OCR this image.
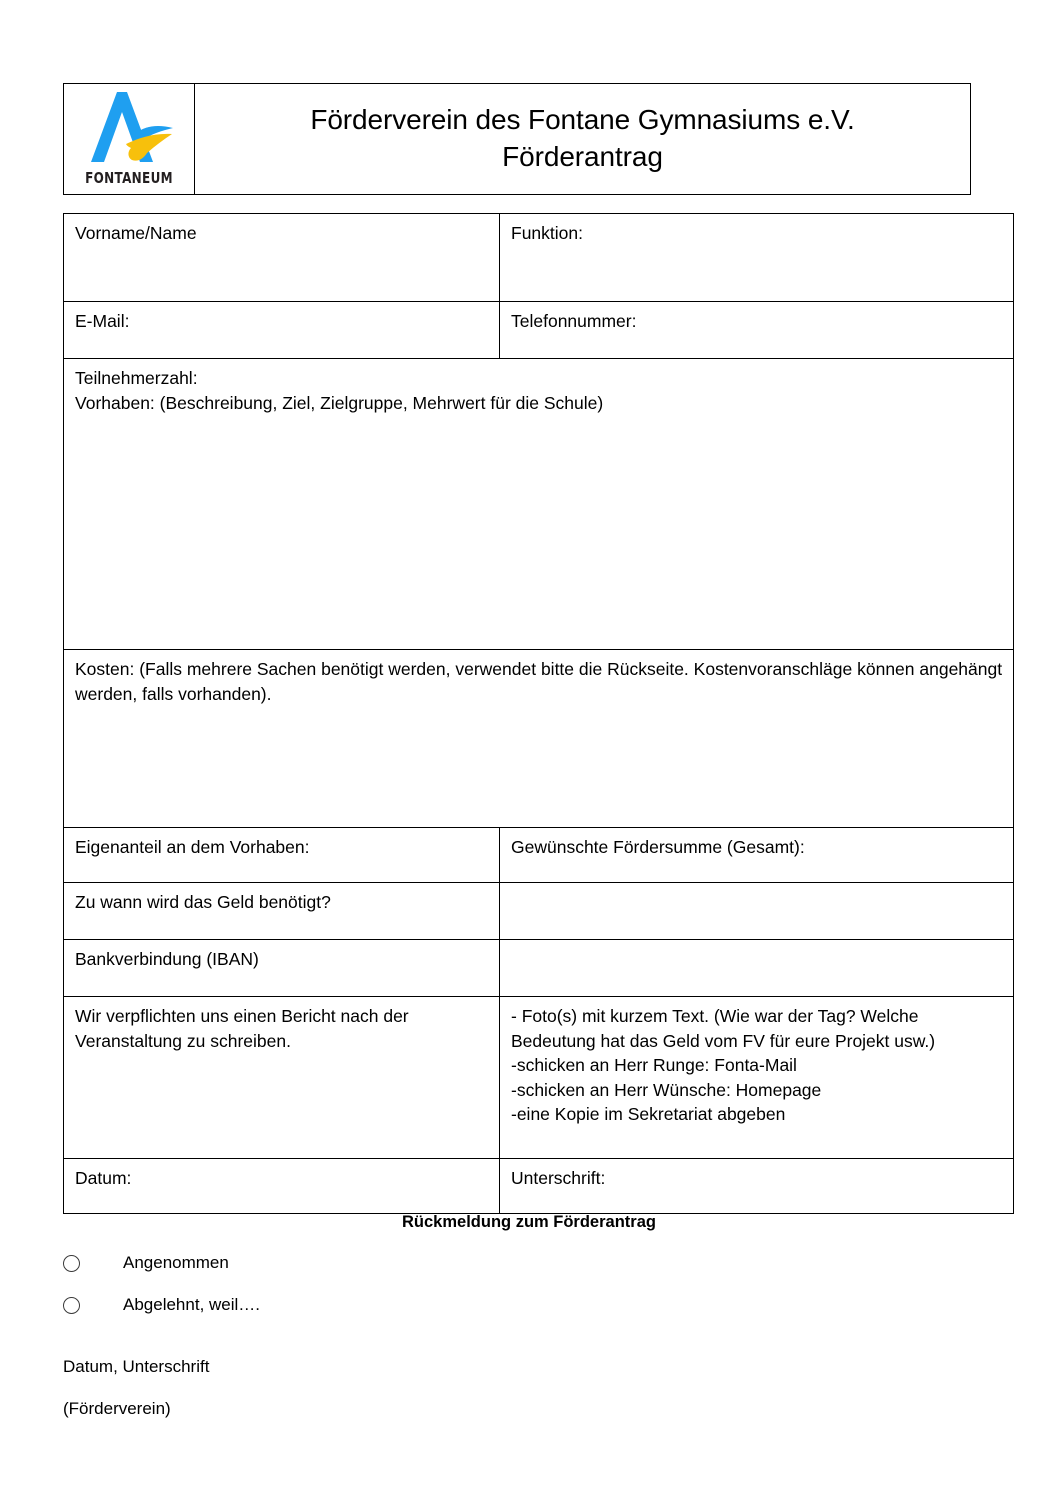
FONTANEUM

Förderverein des Fontane Gymnasiums e.V.
Förderantrag
Vorname/Name	Funktion:
E-Mail:	Telefonnummer:

Teilnehmerzahl:
Vorhaben: (Beschreibung, Ziel, Zielgruppe, Mehrwert für die Schule)	

Kosten: (Falls mehrere Sachen benötigt werden, verwendet bitte die Rückseite. Kostenvoranschläge können angehängt werden, falls vorhanden).	

Eigenanteil an dem Vorhaben:	Gewünschte Fördersumme (Gesamt):
Zu wann wird das Geld benötigt?	
Bankverbindung (IBAN)	
Wir verpflichten uns einen Bericht nach der Veranstaltung zu schreiben.	- Foto(s) mit kurzem Text. (Wie war der Tag? Welche Bedeutung hat das Geld vom FV für eure Projekt usw.)

-schicken an Herr Runge: Fonta-Mail
-schicken an Herr Wünsche: Homepage
-eine Kopie im Sekretariat abgeben

Datum:	Unterschrift:
Rückmeldung zum Förderantrag
Angenommen
Abgelehnt, weil….
Datum, Unterschrift
(Förderverein)
